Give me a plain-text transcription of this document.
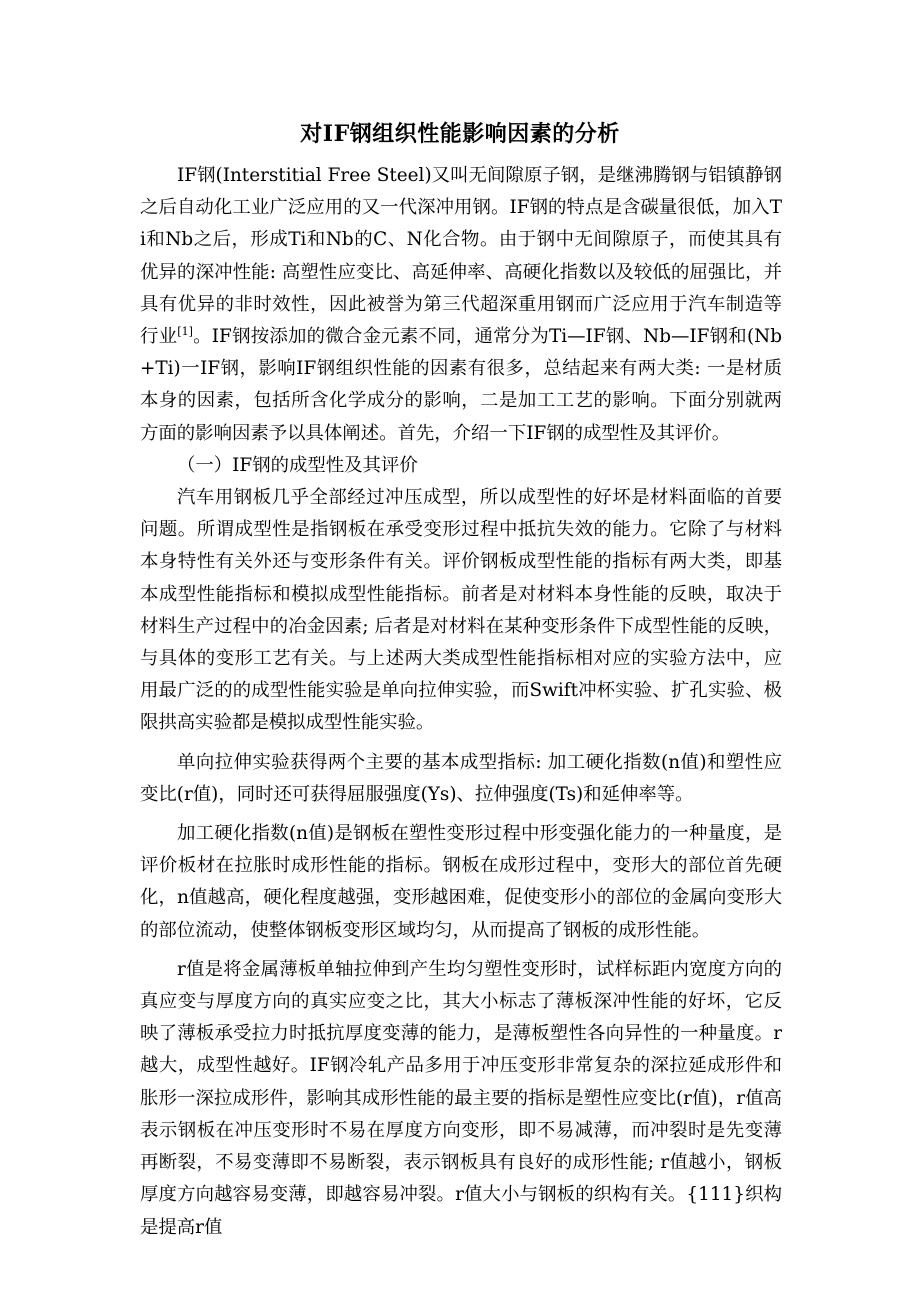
对IF钢组织性能影响因素的分析

IF钢(Interstitial Free Steel)又叫无间隙原子钢，是继沸腾钢与铝镇静钢之后自动化工业广泛应用的又一代深冲用钢。IF钢的特点是含碳量很低，加入Ti和Nb之后，形成Ti和Nb的C、N化合物。由于钢中无间隙原子，而使其具有优异的深冲性能: 高塑性应变比、高延伸率、高硬化指数以及较低的屈强比，并具有优异的非时效性，因此被誉为第三代超深重用钢而广泛应用于汽车制造等行业[1]。IF钢按添加的微合金元素不同，通常分为Ti—IF钢、Nb—IF钢和(Nb+Ti)一IF钢，影响IF钢组织性能的因素有很多，总结起来有两大类: 一是材质本身的因素，包括所含化学成分的影响，二是加工工艺的影响。下面分别就两方面的影响因素予以具体阐述。首先，介绍一下IF钢的成型性及其评价。

（一）IF钢的成型性及其评价

汽车用钢板几乎全部经过冲压成型，所以成型性的好坏是材料面临的首要问题。所谓成型性是指钢板在承受变形过程中抵抗失效的能力。它除了与材料本身特性有关外还与变形条件有关。评价钢板成型性能的指标有两大类，即基本成型性能指标和模拟成型性能指标。前者是对材料本身性能的反映，取决于材料生产过程中的冶金因素; 后者是对材料在某种变形条件下成型性能的反映，与具体的变形工艺有关。与上述两大类成型性能指标相对应的实验方法中，应用最广泛的的成型性能实验是单向拉伸实验，而Swift冲杯实验、扩孔实验、极限拱高实验都是模拟成型性能实验。

单向拉伸实验获得两个主要的基本成型指标: 加工硬化指数(n值)和塑性应变比(r值)，同时还可获得屈服强度(Ys)、拉伸强度(Ts)和延伸率等。

加工硬化指数(n值)是钢板在塑性变形过程中形变强化能力的一种量度，是评价板材在拉胀时成形性能的指标。钢板在成形过程中，变形大的部位首先硬化，n值越高，硬化程度越强，变形越困难，促使变形小的部位的金属向变形大的部位流动，使整体钢板变形区域均匀，从而提高了钢板的成形性能。

r值是将金属薄板单轴拉伸到产生均匀塑性变形时，试样标距内宽度方向的真应变与厚度方向的真实应变之比，其大小标志了薄板深冲性能的好坏，它反映了薄板承受拉力时抵抗厚度变薄的能力，是薄板塑性各向异性的一种量度。r越大，成型性越好。IF钢冷轧产品多用于冲压变形非常复杂的深拉延成形件和胀形一深拉成形件，影响其成形性能的最主要的指标是塑性应变比(r值)，r值高表示钢板在冲压变形时不易在厚度方向变形，即不易减薄，而冲裂时是先变薄再断裂，不易变薄即不易断裂，表示钢板具有良好的成形性能; r值越小，钢板厚度方向越容易变薄，即越容易冲裂。r值大小与钢板的织构有关。{111}织构是提高r值
